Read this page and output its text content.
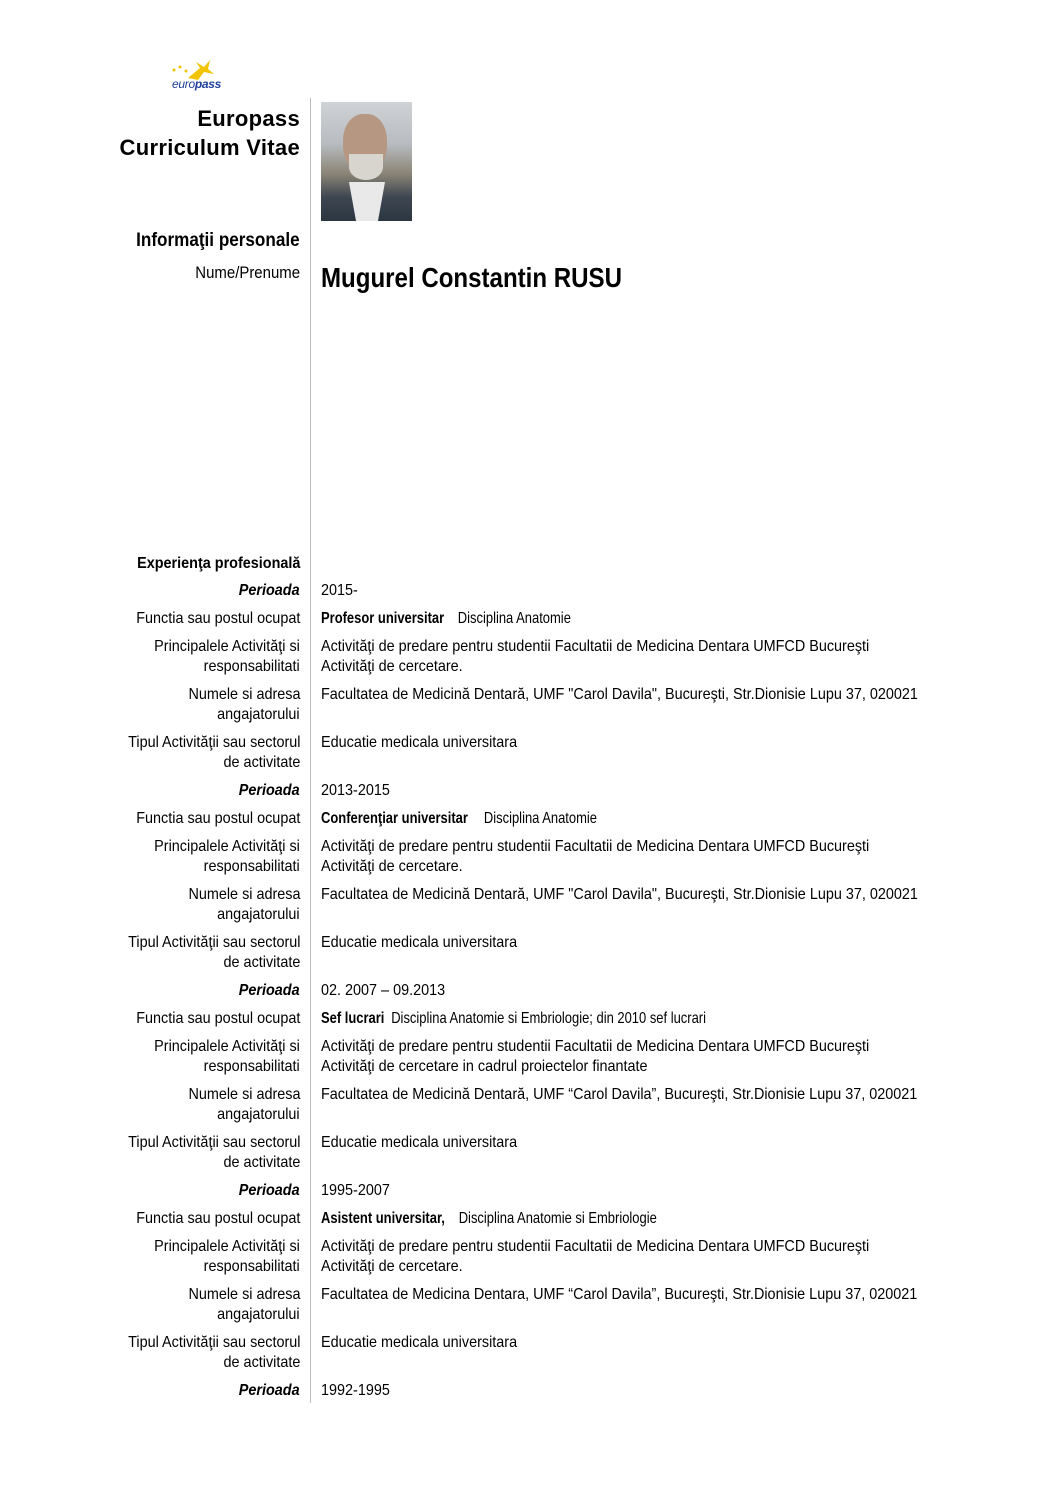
europass
Europass
Curriculum Vitae
Informaţii personale
Nume/Prenume Mugurel Constantin RUSU
Experienţa profesională
Perioada 2015-
Functia sau postul ocupat Profesor universitarDisciplina Anatomie
Principalele Activităţi si
responsabilitati
Activităţi de predare pentru studentii Facultatii de Medicina Dentara UMFCD Bucureşti
Activităţi de cercetare.
Numele si adresa
angajatorului
Facultatea de Medicină Dentară, UMF "Carol Davila", Bucureşti, Str.Dionisie Lupu 37, 020021
Tipul Activităţii sau sectorul
de activitate
Educatie medicala universitara
Perioada 2013-2015
Functia sau postul ocupat Conferenţiar universitarDisciplina Anatomie
Principalele Activităţi si
responsabilitati
Activităţi de predare pentru studentii Facultatii de Medicina Dentara UMFCD Bucureşti
Activităţi de cercetare.
Numele si adresa
angajatorului
Facultatea de Medicină Dentară, UMF "Carol Davila", Bucureşti, Str.Dionisie Lupu 37, 020021
Tipul Activităţii sau sectorul
de activitate
Educatie medicala universitara
Perioada 02. 2007 – 09.2013
Functia sau postul ocupat Sef lucrariDisciplina Anatomie si Embriologie; din 2010 sef lucrari
Principalele Activităţi si
responsabilitati
Activităţi de predare pentru studentii Facultatii de Medicina Dentara UMFCD Bucureşti
Activităţi de cercetare in cadrul proiectelor finantate
Numele si adresa
angajatorului
Facultatea de Medicină Dentară, UMF “Carol Davila”, Bucureşti, Str.Dionisie Lupu 37, 020021
Tipul Activităţii sau sectorul
de activitate
Educatie medicala universitara
Perioada 1995-2007
Functia sau postul ocupat Asistent universitar,Disciplina Anatomie si Embriologie
Principalele Activităţi si
responsabilitati
Activităţi de predare pentru studentii Facultatii de Medicina Dentara UMFCD Bucureşti
Activităţi de cercetare.
Numele si adresa
angajatorului
Facultatea de Medicina Dentara, UMF “Carol Davila”, Bucureşti, Str.Dionisie Lupu 37, 020021
Tipul Activităţii sau sectorul
de activitate
Educatie medicala universitara
Perioada 1992-1995
